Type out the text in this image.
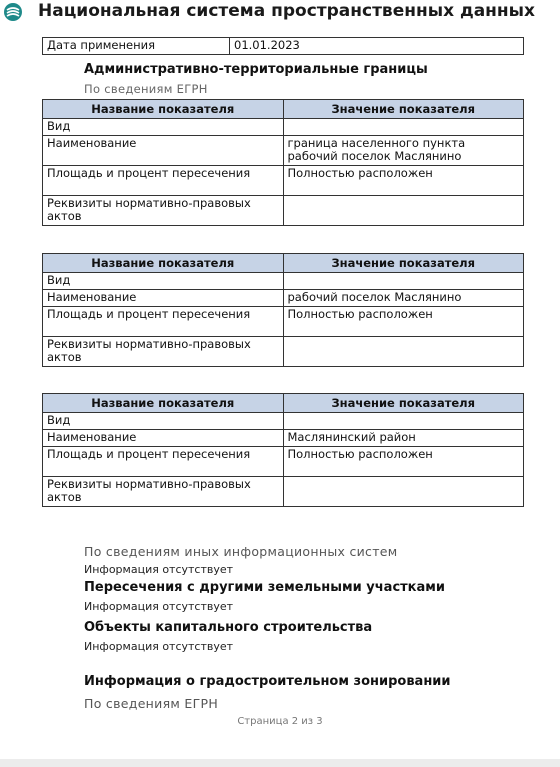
Национальная система пространственных данных
Дата применения	01.01.2023
Административно-территориальные границы
По сведениям ЕГРН
Название показателя	Значение показателя
Вид	
Наименование	граница населенного пункта рабочий поселок Маслянино
Площадь и процент пересечения	Полностью расположен
Реквизиты нормативно-правовых актов	
Название показателя	Значение показателя
Вид	
Наименование	рабочий поселок Маслянино
Площадь и процент пересечения	Полностью расположен
Реквизиты нормативно-правовых актов	
Название показателя	Значение показателя
Вид	
Наименование	Маслянинский район
Площадь и процент пересечения	Полностью расположен
Реквизиты нормативно-правовых актов	
По сведениям иных информационных систем
Информация отсутствует
Пересечения с другими земельными участками
Информация отсутствует
Объекты капитального строительства
Информация отсутствует
Информация о градостроительном зонировании
По сведениям ЕГРН
Страница 2 из 3
